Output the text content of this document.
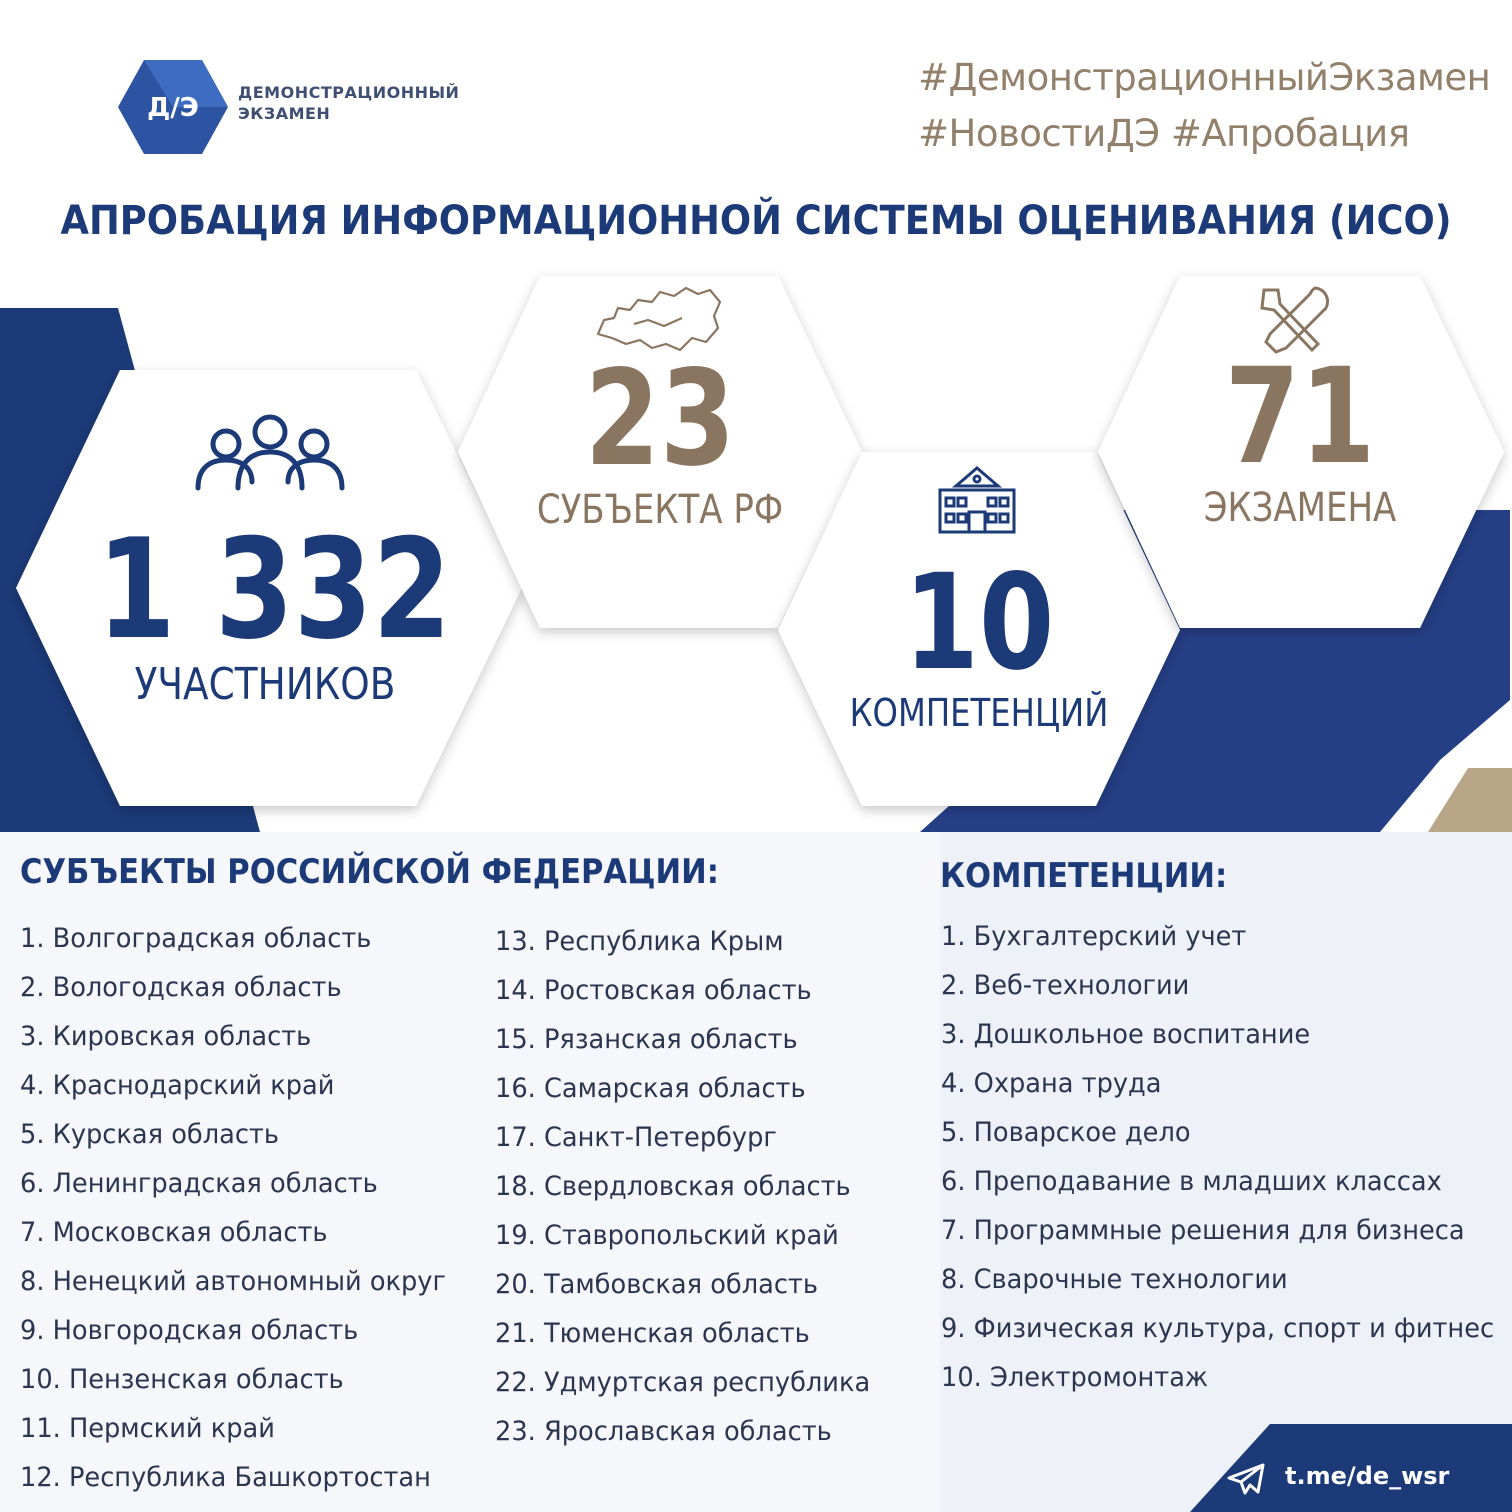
Д/Э
ДЕМОНСТРАЦИОННЫЙ
ЭКЗАМЕН
#ДемонстрационныйЭкзамен
#НовостиДЭ #Апробация
АПРОБАЦИЯ ИНФОРМАЦИОННОЙ СИСТЕМЫ ОЦЕНИВАНИЯ (ИСО)
1 332
УЧАСТНИКОВ
23
СУБЪЕКТА РФ
10
КОМПЕТЕНЦИЙ
71
ЭКЗАМЕНА
СУБЪЕКТЫ РОССИЙСКОЙ ФЕДЕРАЦИИ:
1. Волгоградская область
2. Вологодская область
3. Кировская область
4. Краснодарский край
5. Курская область
6. Ленинградская область
7. Московская область
8. Ненецкий автономный округ
9. Новгородская область
10. Пензенская область
11. Пермский край
12. Республика Башкортостан
13. Республика Крым
14. Ростовская область
15. Рязанская область
16. Самарская область
17. Санкт-Петербург
18. Свердловская область
19. Ставропольский край
20. Тамбовская область
21. Тюменская область
22. Удмуртская республика
23. Ярославская область
КОМПЕТЕНЦИИ:
1. Бухгалтерский учет
2. Веб-технологии
3. Дошкольное воспитание
4. Охрана труда
5. Поварское дело
6. Преподавание в младших классах
7. Программные решения для бизнеса
8. Сварочные технологии
9. Физическая культура, спорт и фитнес
10. Электромонтаж
t.me/de_wsr
